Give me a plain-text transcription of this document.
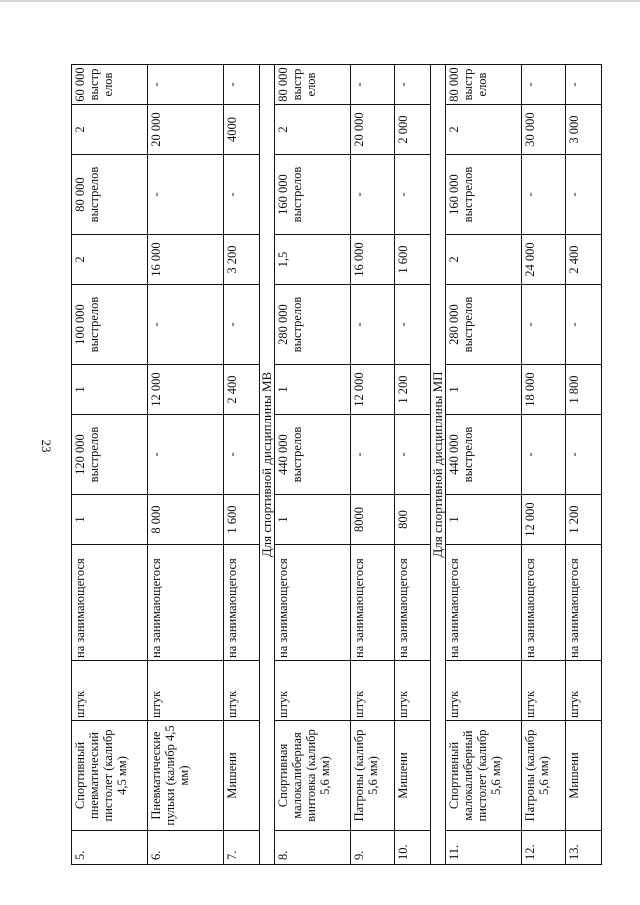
23
5.	Спортивный пневматический пистолет (калибр 4,5 мм)	штук	на занимающегося	1	120 000 выстрелов	1	100 000 выстрелов	2	80 000 выстрелов	2	60 000 выстрелов
6.	Пневматические пульки (калибр 4,5 мм)	штук	на занимающегося	8 000	-	12 000	-	16 000	-	20 000	-
7.	Мишени	штук	на занимающегося	1 600	-	2 400	-	3 200	-	4000	-
Для спортивной дисциплины МВ											
8.	Спортивная малокалиберная винтовка (калибр 5,6 мм)	штук	на занимающегося	1	440 000 выстрелов	1	280 000 выстрелов	1,5	160 000 выстрелов	2	80 000 выстрелов
9.	Патроны (калибр 5,6 мм)	штук	на занимающегося	8000	-	12 000	-	16 000	-	20 000	-
10.	Мишени	штук	на занимающегося	800	-	1 200	-	1 600	-	2 000	-
Для спортивной дисциплины МП											
11.	Спортивный малокалиберный пистолет (калибр 5,6 мм)	штук	на занимающегося	1	440 000 выстрелов	1	280 000 выстрелов	2	160 000 выстрелов	2	80 000 выстрелов
12.	Патроны (калибр 5,6 мм)	штук	на занимающегося	12 000	-	18 000	-	24 000	-	30 000	-
13.	Мишени	штук	на занимающегося	1 200	-	1 800	-	2 400	-	3 000	-
